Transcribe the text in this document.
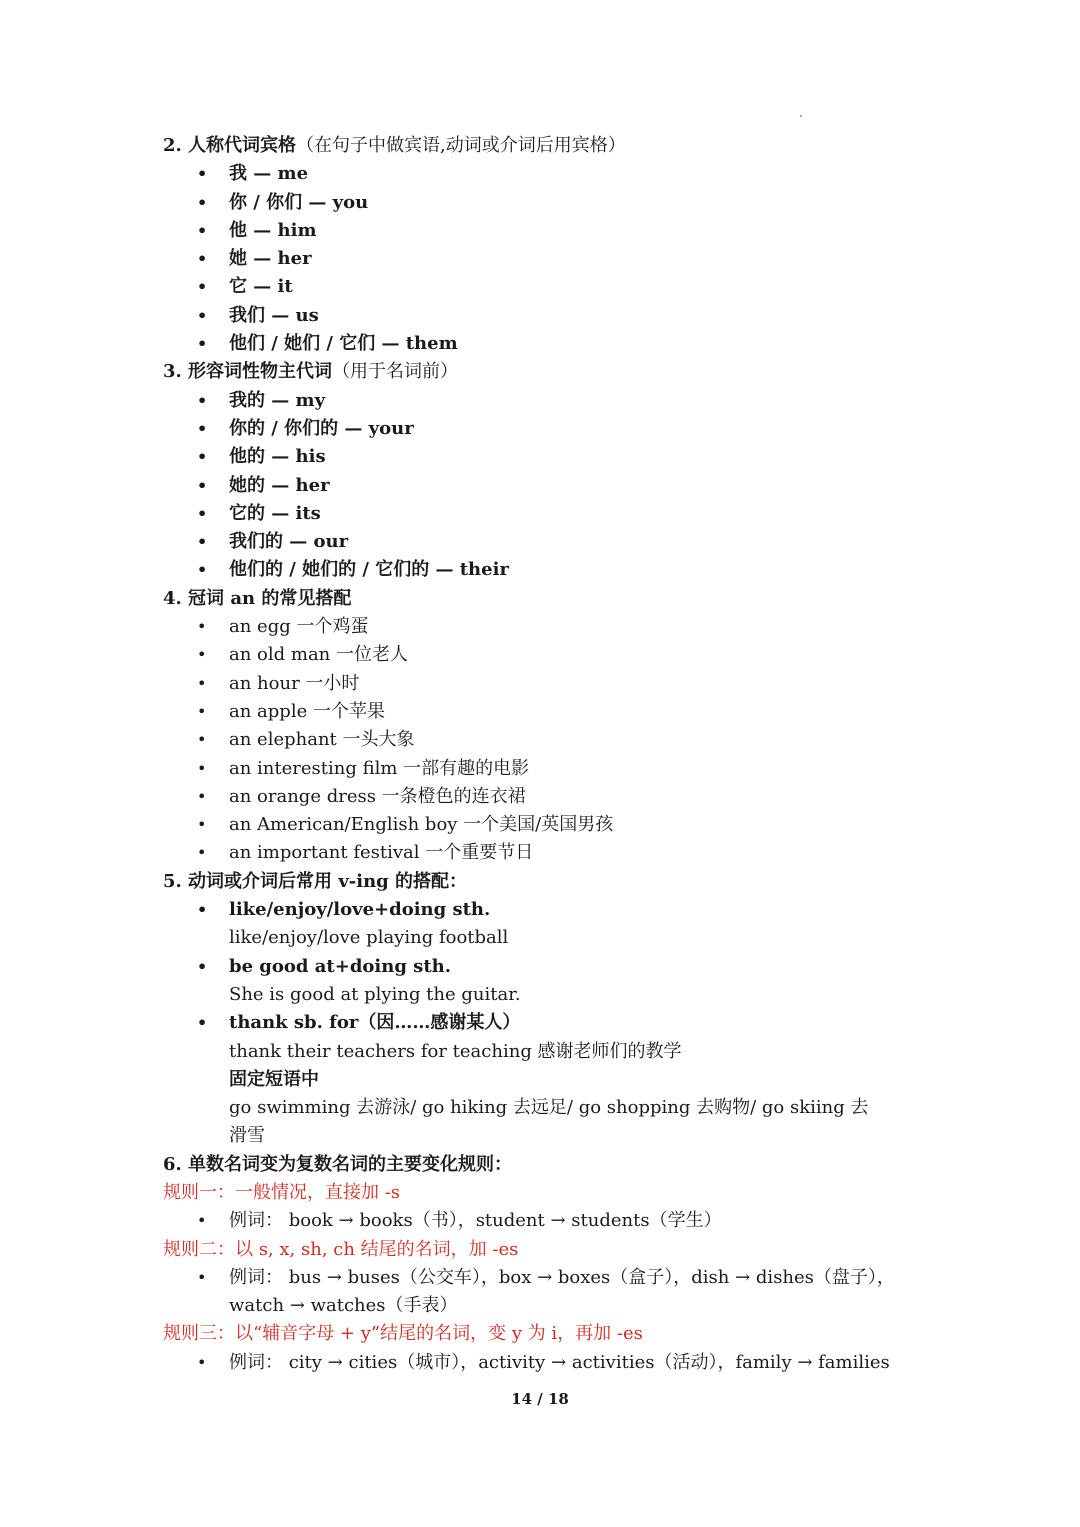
2. 人称代词宾格（在句子中做宾语,动词或介词后用宾格）
• 我 — me
• 你 / 你们 — you
• 他 — him
• 她 — her
• 它 — it
• 我们 — us
• 他们 / 她们 / 它们 — them
3. 形容词性物主代词（用于名词前）
• 我的 — my
• 你的 / 你们的 — your
• 他的 — his
• 她的 — her
• 它的 — its
• 我们的 — our
• 他们的 / 她们的 / 它们的 — their
4. 冠词 an 的常见搭配
• an egg 一个鸡蛋
• an old man 一位老人
• an hour 一小时
• an apple 一个苹果
• an elephant 一头大象
• an interesting film 一部有趣的电影
• an orange dress 一条橙色的连衣裙
• an American/English boy 一个美国/英国男孩
• an important festival 一个重要节日
5. 动词或介词后常用 v-ing 的搭配：
• like/enjoy/love+doing sth.
like/enjoy/love playing football
• be good at+doing sth.
She is good at plying the guitar.
• thank sb. for（因……感谢某人）
thank their teachers for teaching 感谢老师们的教学
固定短语中
go swimming 去游泳/ go hiking 去远足/ go shopping 去购物/ go skiing 去
滑雪
6. 单数名词变为复数名词的主要变化规则：
规则一：一般情况，直接加 -s
• 例词： book → books（书），student → students（学生）
规则二：以 s, x, sh, ch 结尾的名词，加 -es
• 例词： bus → buses（公交车），box → boxes（盒子），dish → dishes（盘子），
watch → watches（手表）
规则三：以“辅音字母 + y”结尾的名词，变 y 为 i，再加 -es
• 例词： city → cities（城市），activity → activities（活动），family → families
14 / 18
